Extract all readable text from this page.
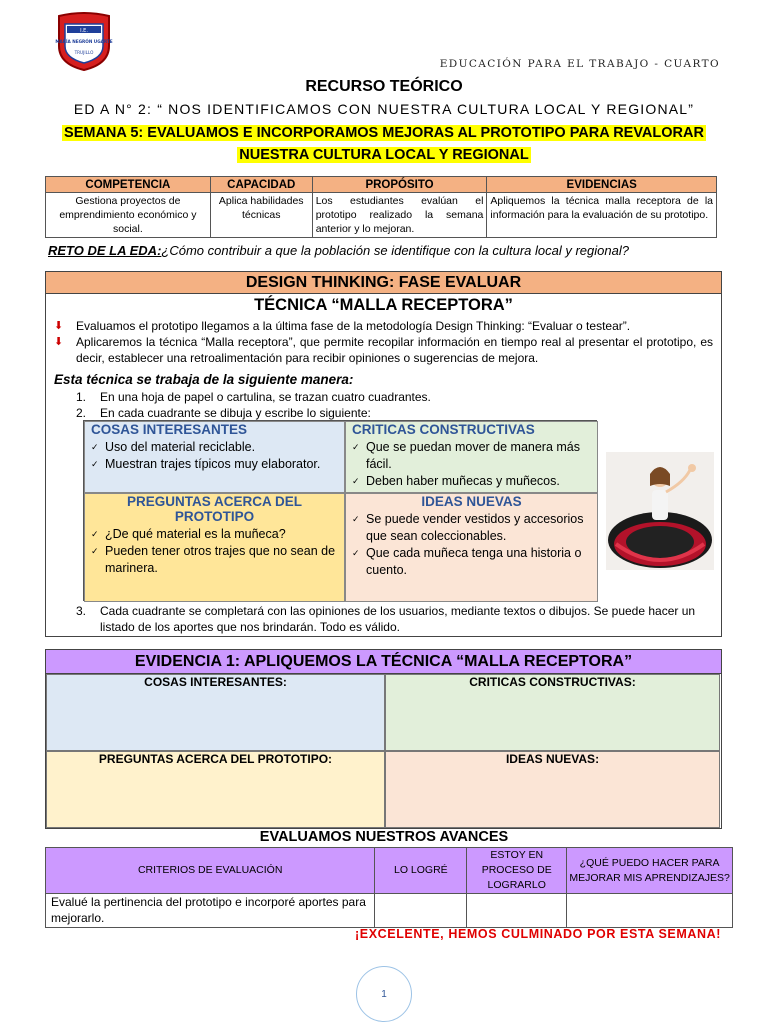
I.E.
MARÍA NEGRÓN UGARTE
TRUJILLO
EDUCACIÓN PARA EL TRABAJO - CUARTO
RECURSO TEÓRICO
ED A N° 2: “ NOS IDENTIFICAMOS CON NUESTRA CULTURA LOCAL Y REGIONAL”
SEMANA 5: EVALUAMOS E INCORPORAMOS MEJORAS AL PROTOTIPO PARA REVALORAR
NUESTRA CULTURA LOCAL Y REGIONAL
COMPETENCIA	CAPACIDAD	PROPÓSITO	EVIDENCIAS
Gestiona proyectos de emprendimiento económico y social.	Aplica habilidades técnicas	Los estudiantes evalúan el prototipo realizado la semana anterior y lo mejoran.	Apliquemos la técnica malla receptora de la información para la evaluación de su prototipo.
RETO DE LA EDA:¿Cómo contribuir a que la población se identifique con la cultura local y regional?
DESIGN THINKING: FASE EVALUAR
TÉCNICA “MALLA RECEPTORA”
⬇	Evaluamos el prototipo llegamos a la última fase de la metodología Design Thinking: “Evaluar o testear”.
⬇	Aplicaremos la técnica “Malla receptora”, que permite recopilar información en tiempo real al presentar el prototipo, es decir, establecer una retroalimentación para recibir opiniones o sugerencias de mejora.
Esta técnica se trabaja de la siguiente manera:
1.	En una hoja de papel o cartulina, se trazan cuatro cuadrantes.
2.	En cada cuadrante se dibuja y escribe lo siguiente:
COSAS INTERESANTES
✓ Uso del material reciclable.
✓ Muestran trajes típicos muy elaborator.
CRITICAS CONSTRUCTIVAS
✓ Que se puedan mover de manera más fácil.
✓ Deben haber muñecas y muñecos.
PREGUNTAS ACERCA DEL PROTOTIPO
✓ ¿De qué material es la muñeca?
✓ Pueden tener otros trajes que no sean de marinera.
IDEAS NUEVAS
✓ Se puede vender vestidos y accesorios que sean coleccionables.
✓ Que cada muñeca tenga una historia o cuento.
3.	Cada cuadrante se completará con las opiniones de los usuarios, mediante textos o dibujos. Se puede hacer un listado de los aportes que nos brindarán. Todo es válido.
EVIDENCIA 1: APLIQUEMOS LA TÉCNICA “MALLA RECEPTORA”
COSAS INTERESANTES:	CRITICAS CONSTRUCTIVAS:
PREGUNTAS ACERCA DEL PROTOTIPO:	IDEAS NUEVAS:
EVALUAMOS NUESTROS AVANCES
CRITERIOS DE EVALUACIÓN	LO LOGRÉ	ESTOY EN PROCESO DE LOGRARLO	¿QUÉ PUEDO HACER PARA MEJORAR MIS APRENDIZAJES?
Evalué la pertinencia del prototipo e incorporé aportes para mejorarlo.			
¡EXCELENTE, HEMOS CULMINADO POR ESTA SEMANA!
1
